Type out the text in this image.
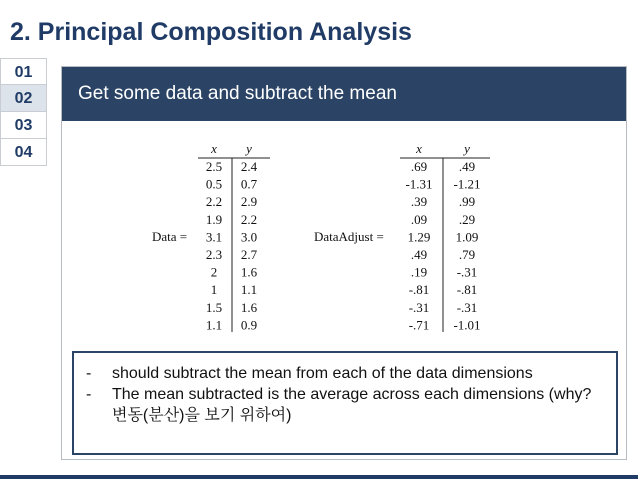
2. Principal Composition Analysis
01
02
03
04
Get some data and subtract the mean
x y
2.5 2.4
0.5 0.7
2.2 2.9
1.9 2.2
3.1 3.0
2.3 2.7
2 1.6
1 1.1
1.5 1.6
1.1 0.9
Data =
x	y
.69 .49
-1.31 -1.21
.39 .99
.09 .29
1.29 1.09
.49 .79
.19 -.31
-.81 -.81
-.31 -.31
-.71 -1.01
DataAdjust =
-	should subtract the mean from each of the data dimensions
-	The mean subtracted is the average across each dimensions (why? 변동(분산)을 보기 위하여)
